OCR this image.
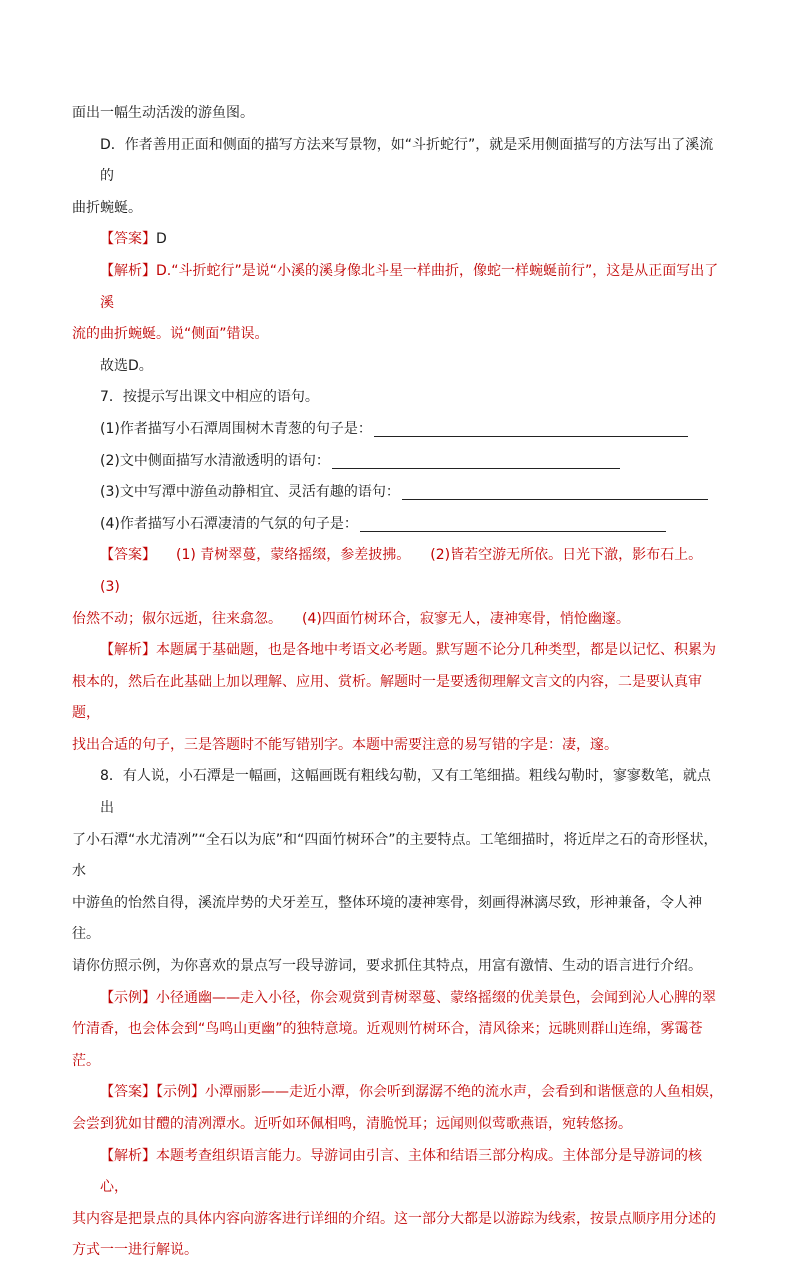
面出一幅生动活泼的游鱼图。

D．作者善用正面和侧面的描写方法来写景物，如“斗折蛇行”，就是采用侧面描写的方法写出了溪流的

曲折蜿蜒。

【答案】D

【解析】D.“斗折蛇行”是说“小溪的溪身像北斗星一样曲折，像蛇一样蜿蜒前行”，这是从正面写出了溪

流的曲折蜿蜒。说“侧面”错误。

故选D。

7．按提示写出课文中相应的语句。

(1)作者描写小石潭周围树木青葱的句子是：

(2)文中侧面描写水清澈透明的语句：

(3)文中写潭中游鱼动静相宜、灵活有趣的语句：

(4)作者描写小石潭凄清的气氛的句子是：

【答案】 (1) 青树翠蔓，蒙络摇缀，参差披拂。 (2)皆若空游无所依。日光下澈，影布石上。(3)

佁然不动；俶尔远逝，往来翕忽。 (4)四面竹树环合，寂寥无人，凄神寒骨，悄怆幽邃。

【解析】本题属于基础题，也是各地中考语文必考题。默写题不论分几种类型，都是以记忆、积累为

根本的，然后在此基础上加以理解、应用、赏析。解题时一是要透彻理解文言文的内容，二是要认真审题，

找出合适的句子，三是答题时不能写错别字。本题中需要注意的易写错的字是：凄，邃。

8．有人说，小石潭是一幅画，这幅画既有粗线勾勒，又有工笔细描。粗线勾勒时，寥寥数笔，就点出

了小石潭“水尤清冽”“全石以为底”和“四面竹树环合”的主要特点。工笔细描时，将近岸之石的奇形怪状，水

中游鱼的怡然自得，溪流岸势的犬牙差互，整体环境的凄神寒骨，刻画得淋漓尽致，形神兼备，令人神往。

请你仿照示例，为你喜欢的景点写一段导游词，要求抓住其特点，用富有激情、生动的语言进行介绍。

【示例】小径通幽——走入小径，你会观赏到青树翠蔓、蒙络摇缀的优美景色，会闻到沁人心脾的翠

竹清香，也会体会到“鸟鸣山更幽”的独特意境。近观则竹树环合，清风徐来；远眺则群山连绵，雾霭苍茫。

【答案】【示例】小潭丽影——走近小潭，你会听到潺潺不绝的流水声，会看到和谐惬意的人鱼相娱，

会尝到犹如甘醴的清冽潭水。近听如环佩相鸣，清脆悦耳；远闻则似莺歌燕语，宛转悠扬。

【解析】本题考查组织语言能力。导游词由引言、主体和结语三部分构成。主体部分是导游词的核心，

其内容是把景点的具体内容向游客进行详细的介绍。这一部分大都是以游踪为线索，按景点顺序用分述的

方式一一进行解说。
